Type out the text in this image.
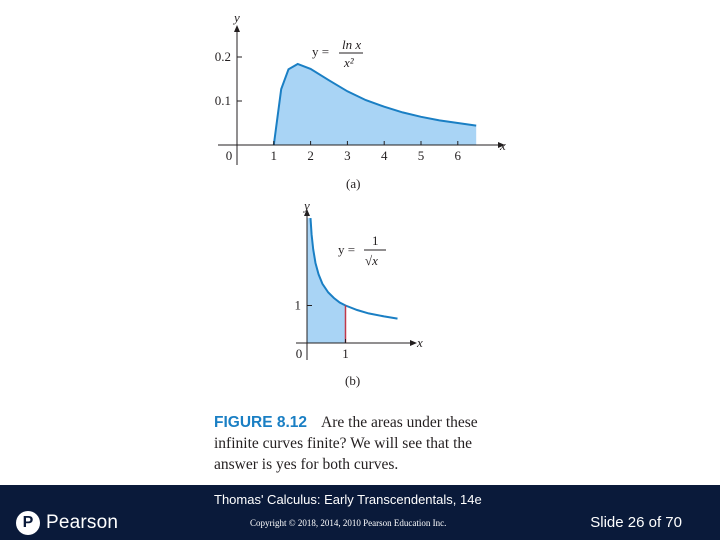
0	1 2 3 4 5 6
0.1
0.2
x
y
y = ln x
x²
(a)
0	1
1
x
y
y =
1
√x
(b)
FIGURE 8.12 Are the areas under these infinite curves finite? We will see that the answer is yes for both curves.
P Pearson
Thomas' Calculus: Early Transcendentals, 14e
Copyright © 2018, 2014, 2010 Pearson Education Inc.	Slide 26 of 70
